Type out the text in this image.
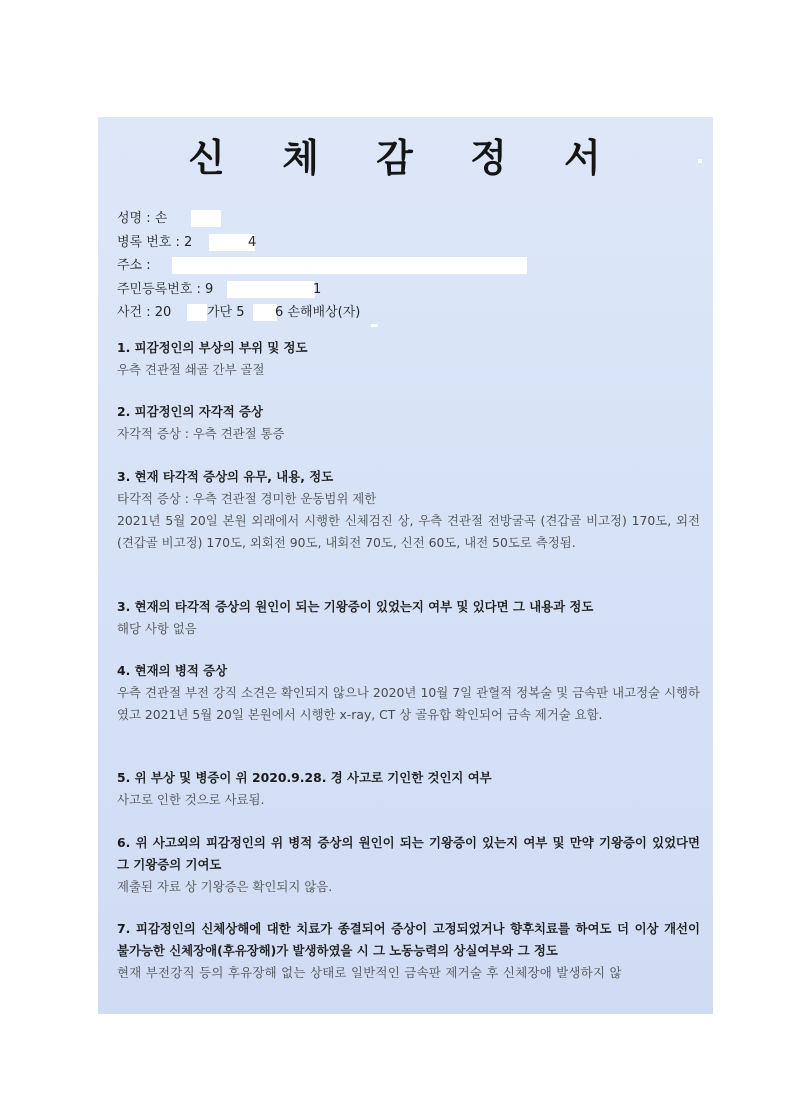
신 체 감 정 서
성명 : 손
병록 번호 : 2	4
주소 :
주민등록번호 : 9	1
사건 : 20	가단 5 6 손해배상(자)
1. 피감정인의 부상의 부위 및 정도
우측 견관절 쇄골 간부 골절
2. 피감정인의 자각적 증상
자각적 증상 : 우측 견관절 통증
3. 현재 타각적 증상의 유무, 내용, 정도
타각적 증상 : 우측 견관절 경미한 운동범위 제한
2021년 5월 20일 본원 외래에서 시행한 신체검진 상, 우측 견관절 전방굴곡 (견갑골 비고정) 170도, 외전 (견갑골 비고정) 170도, 외회전 90도, 내회전 70도, 신전 60도, 내전 50도로 측정됨.
3. 현재의 타각적 증상의 원인이 되는 기왕증이 있었는지 여부 및 있다면 그 내용과 정도
해당 사항 없음
4. 현재의 병적 증상
우측 견관절 부전 강직 소견은 확인되지 않으나 2020년 10월 7일 관혈적 정복술 및 금속판 내고정술 시행하였고 2021년 5월 20일 본원에서 시행한 x-ray, CT 상 골유합 확인되어 금속 제거술 요함.
5. 위 부상 및 병증이 위 2020.9.28. 경 사고로 기인한 것인지 여부
사고로 인한 것으로 사료됨.
6. 위 사고외의 피감정인의 위 병적 증상의 원인이 되는 기왕증이 있는지 여부 및 만약 기왕증이 있었다면 그 기왕증의 기여도
제출된 자료 상 기왕증은 확인되지 않음.
7. 피감정인의 신체상해에 대한 치료가 종결되어 증상이 고정되었거나 향후치료를 하여도 더 이상 개선이 불가능한 신체장애(후유장해)가 발생하였을 시 그 노동능력의 상실여부와 그 정도
현재 부전강직 등의 후유장해 없는 상태로 일반적인 금속판 제거술 후 신체장애 발생하지 않
